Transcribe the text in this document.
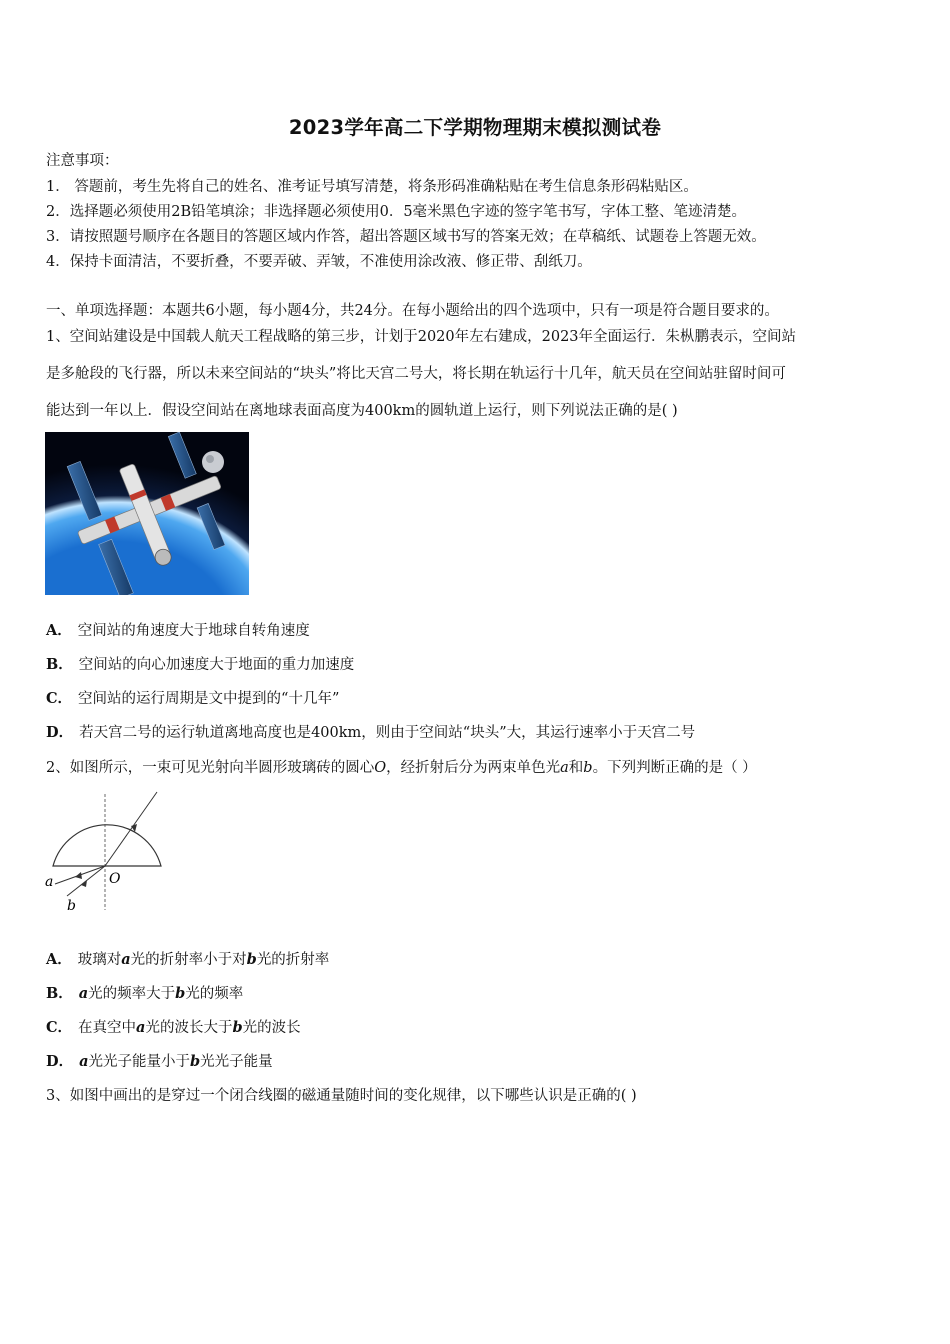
2023学年高二下学期物理期末模拟测试卷
注意事项：
1． 答题前，考生先将自己的姓名、准考证号填写清楚，将条形码准确粘贴在考生信息条形码粘贴区。
2．选择题必须使用2B铅笔填涂；非选择题必须使用0．5毫米黑色字迹的签字笔书写，字体工整、笔迹清楚。
3．请按照题号顺序在各题目的答题区域内作答，超出答题区域书写的答案无效；在草稿纸、试题卷上答题无效。
4．保持卡面清洁，不要折叠，不要弄破、弄皱，不准使用涂改液、修正带、刮纸刀。
一、单项选择题：本题共6小题，每小题4分，共24分。在每小题给出的四个选项中，只有一项是符合题目要求的。
1、空间站建设是中国载人航天工程战略的第三步，计划于2020年左右建成，2023年全面运行．朱枞鹏表示，空间站
是多舱段的飞行器，所以未来空间站的“块头”将比天宫二号大，将长期在轨运行十几年，航天员在空间站驻留时间可
能达到一年以上．假设空间站在离地球表面高度为400km的圆轨道上运行，则下列说法正确的是( )
A． 空间站的角速度大于地球自转角速度
B． 空间站的向心加速度大于地面的重力加速度
C． 空间站的运行周期是文中提到的“十几年”
D． 若天宫二号的运行轨道离地高度也是400km，则由于空间站“块头”大，其运行速率小于天宫二号
2、如图所示，一束可见光射向半圆形玻璃砖的圆心O，经折射后分为两束单色光a和b。下列判断正确的是（ ）
a
b
O
A． 玻璃对a光的折射率小于对b光的折射率
B． a光的频率大于b光的频率
C． 在真空中a光的波长大于b光的波长
D． a光光子能量小于b光光子能量
3、如图中画出的是穿过一个闭合线圈的磁通量随时间的变化规律，以下哪些认识是正确的( )
